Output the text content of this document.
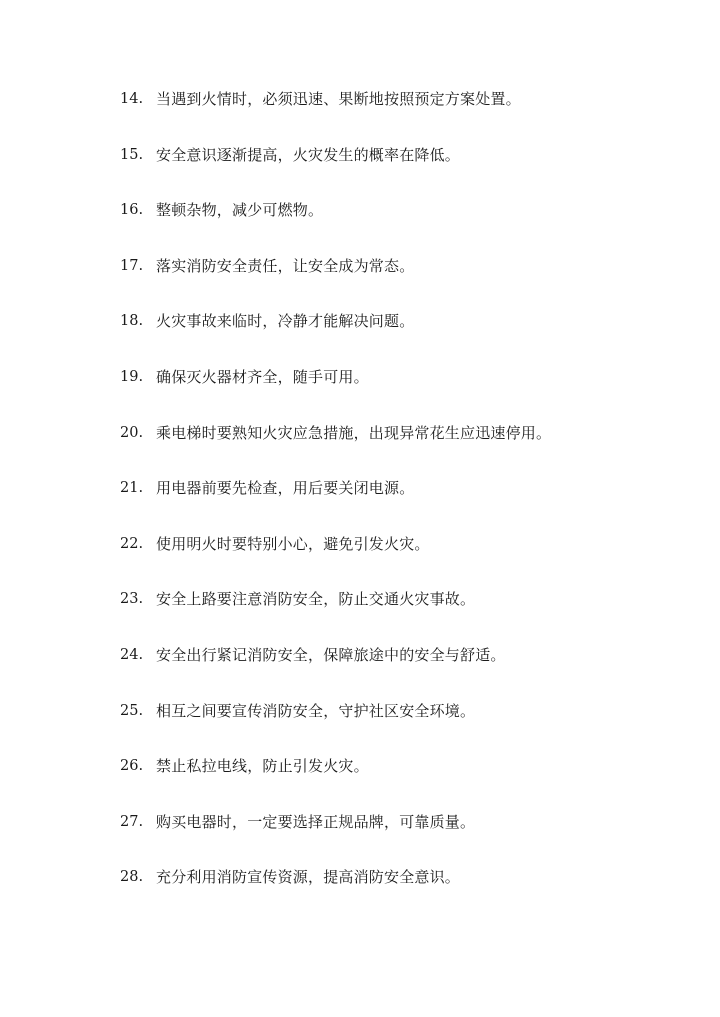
14. 当遇到火情时，必须迅速、果断地按照预定方案处置。
15. 安全意识逐渐提高，火灾发生的概率在降低。
16. 整顿杂物，减少可燃物。
17. 落实消防安全责任，让安全成为常态。
18. 火灾事故来临时，冷静才能解决问题。
19. 确保灭火器材齐全，随手可用。
20. 乘电梯时要熟知火灾应急措施，出现异常花生应迅速停用。
21. 用电器前要先检查，用后要关闭电源。
22. 使用明火时要特别小心，避免引发火灾。
23. 安全上路要注意消防安全，防止交通火灾事故。
24. 安全出行紧记消防安全，保障旅途中的安全与舒适。
25. 相互之间要宣传消防安全，守护社区安全环境。
26. 禁止私拉电线，防止引发火灾。
27. 购买电器时，一定要选择正规品牌，可靠质量。
28. 充分利用消防宣传资源，提高消防安全意识。
